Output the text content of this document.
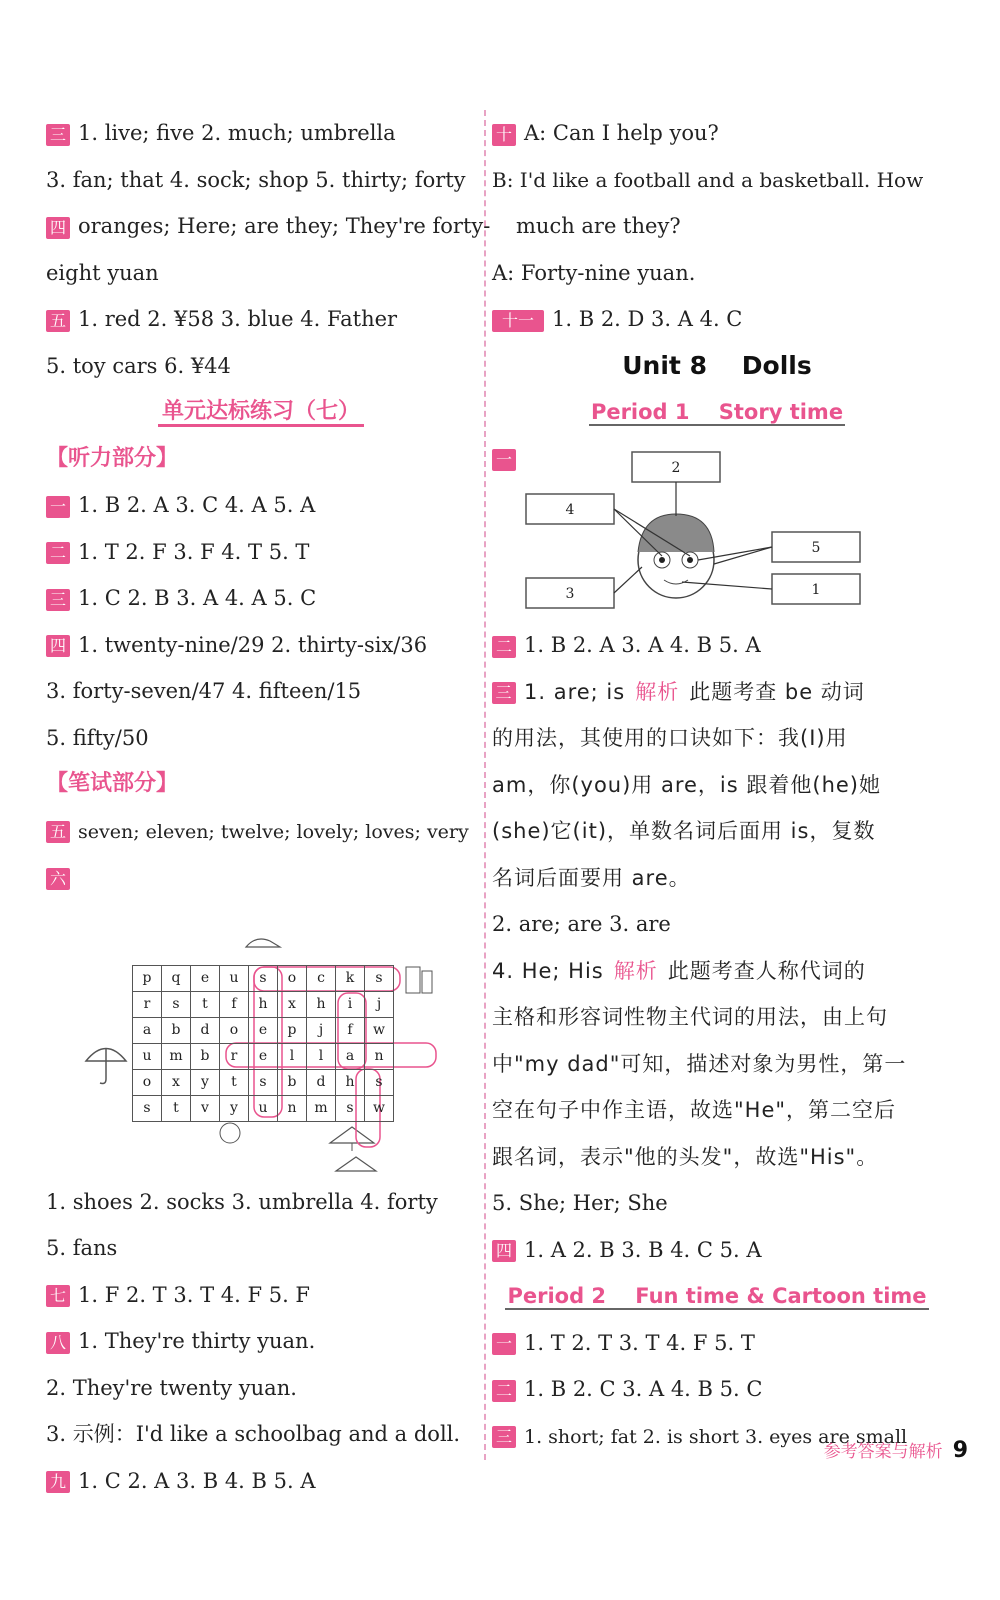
三 1. live; five 2. much; umbrella
3. fan; that 4. sock; shop 5. thirty; forty
四 oranges; Here; are they; They're forty-
eight yuan
五 1. red 2. ¥58 3. blue 4. Father
5. toy cars 6. ¥44
单元达标练习（七）
【听力部分】
一 1. B 2. A 3. C 4. A 5. A
二 1. T 2. F 3. F 4. T 5. T
三 1. C 2. B 3. A 4. A 5. C
四 1. twenty-nine/29 2. thirty-six/36
3. forty-seven/47 4. fifteen/15
5. fifty/50
【笔试部分】
五 seven; eleven; twelve; lovely; loves; very
六
p	q	e	u	s	o	c	k	s
r	s	t	f	h	x	h	i	j
a	b	d	o	e	p	j	f	w
u	m	b	r	e	l	l	a	n
o	x	y	t	s	b	d	h	s
s	t	v	y	u	n	m	s	w
1. shoes 2. socks 3. umbrella 4. forty
5. fans
七 1. F 2. T 3. T 4. F 5. F
八 1. They're thirty yuan.
2. They're twenty yuan.
3. 示例：I'd like a schoolbag and a doll.
九 1. C 2. A 3. B 4. B 5. A
十 A: Can I help you?
B: I'd like a football and a basketball. How
much are they?
A: Forty-nine yuan.
十一 1. B 2. D 3. A 4. C
Unit 8    Dolls
Period 1    Story time
一	2
4
5
3	1
二 1. B 2. A 3. A 4. B 5. A
三 1. are; is 解析 此题考查 be 动词
的用法，其使用的口诀如下：我(I)用
am，你(you)用 are，is 跟着他(he)她
(she)它(it)，单数名词后面用 is，复数
名词后面要用 are。
2. are; are 3. are
4. He; His 解析 此题考查人称代词的
主格和形容词性物主代词的用法，由上句
中"my dad"可知，描述对象为男性，第一
空在句子中作主语，故选"He"，第二空后
跟名词，表示"他的头发"，故选"His"。
5. She; Her; She
四 1. A 2. B 3. B 4. C 5. A
Period 2    Fun time & Cartoon time
一 1. T 2. T 3. T 4. F 5. T
二 1. B 2. C 3. A 4. B 5. C
三 1. short; fat 2. is short 3. eyes are small
参考答案与解析 9
